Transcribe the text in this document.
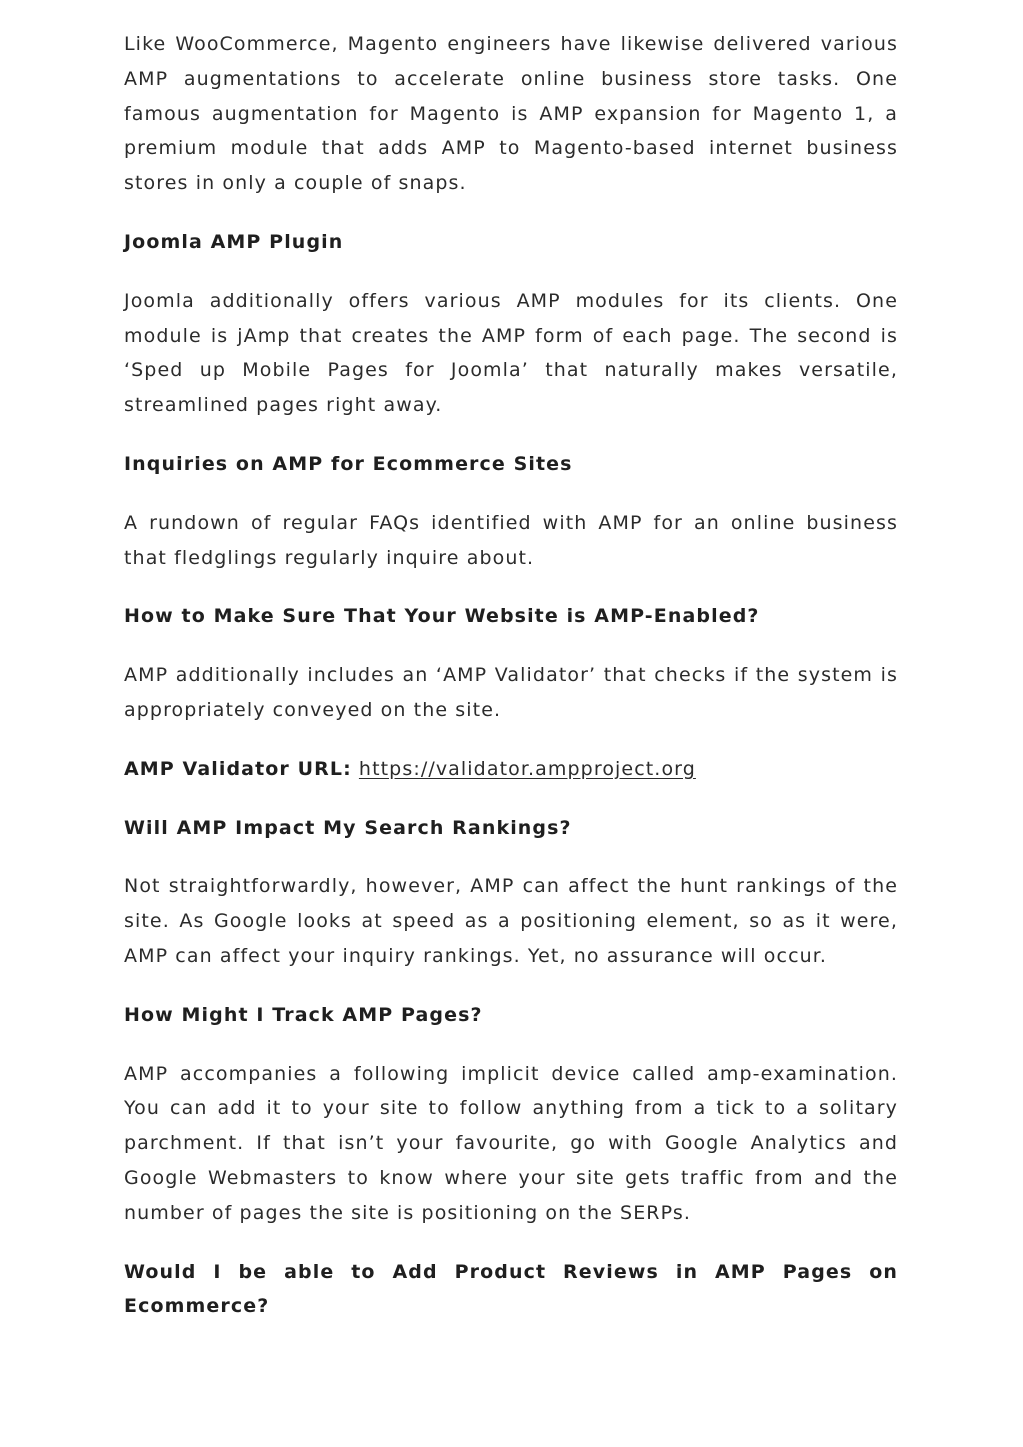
Like WooCommerce, Magento engineers have likewise delivered various AMP augmentations to accelerate online business store tasks. One famous augmentation for Magento is AMP expansion for Magento 1, a premium module that adds AMP to Magento-based internet business stores in only a couple of snaps.

Joomla AMP Plugin

Joomla additionally offers various AMP modules for its clients. One module is jAmp that creates the AMP form of each page. The second is ‘Sped up Mobile Pages for Joomla’ that naturally makes versatile, streamlined pages right away.

Inquiries on AMP for Ecommerce Sites

A rundown of regular FAQs identified with AMP for an online business that fledglings regularly inquire about.

How to Make Sure That Your Website is AMP-Enabled?

AMP additionally includes an ‘AMP Validator’ that checks if the system is appropriately conveyed on the site.

AMP Validator URL: https://validator.ampproject.org

Will AMP Impact My Search Rankings?

Not straightforwardly, however, AMP can affect the hunt rankings of the site. As Google looks at speed as a positioning element, so as it were, AMP can affect your inquiry rankings. Yet, no assurance will occur.

How Might I Track AMP Pages?

AMP accompanies a following implicit device called amp-examination. You can add it to your site to follow anything from a tick to a solitary parchment. If that isn’t your favourite, go with Google Analytics and Google Webmasters to know where your site gets traffic from and the number of pages the site is positioning on the SERPs.

Would I be able to Add Product Reviews in AMP Pages on Ecommerce?
